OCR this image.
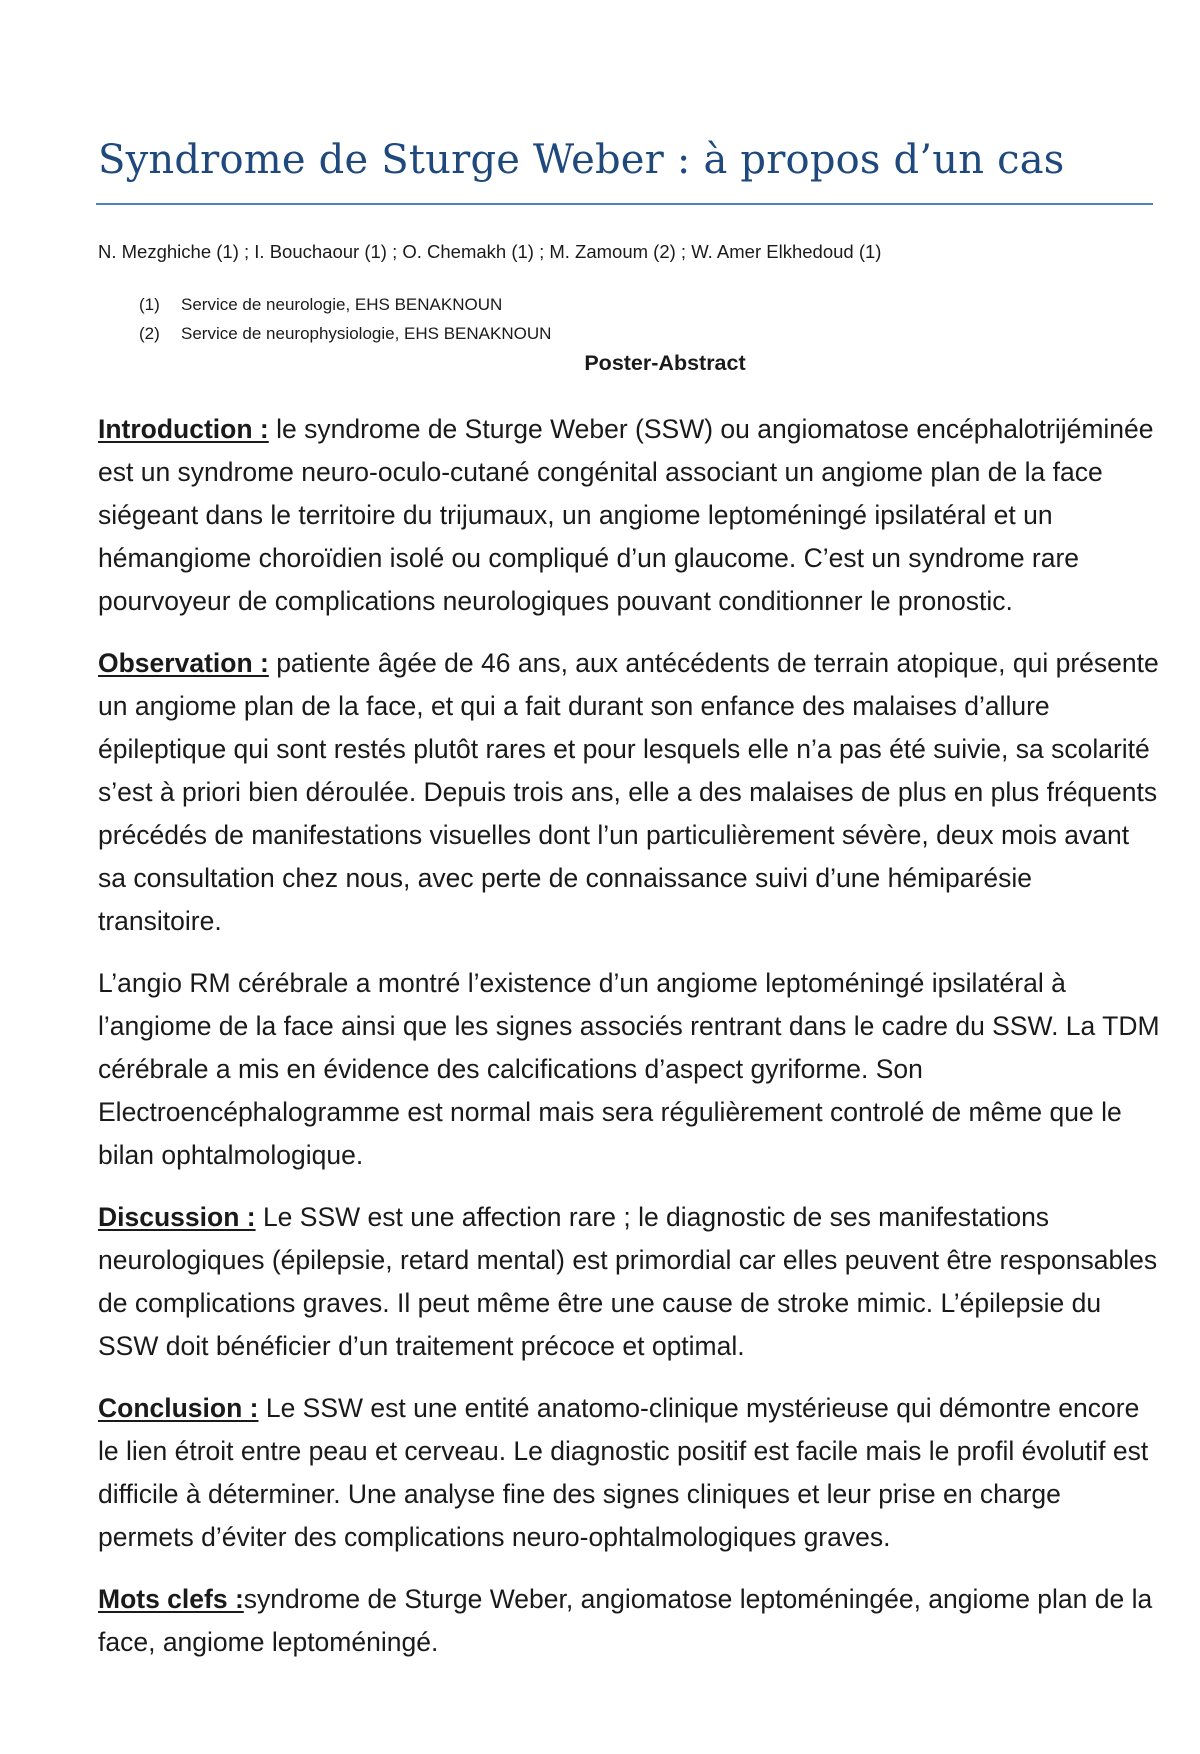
Syndrome de Sturge Weber : à propos d’un cas
N. Mezghiche (1) ; I. Bouchaour (1) ; O. Chemakh (1) ; M. Zamoum (2) ; W. Amer Elkhedoud (1)
(1) Service de neurologie, EHS BENAKNOUN
(2) Service de neurophysiologie, EHS BENAKNOUN
Poster-Abstract

Introduction : le syndrome de Sturge Weber (SSW) ou angiomatose encéphalotrijéminée est un syndrome neuro-oculo-cutané congénital associant un angiome plan de la face siégeant dans le territoire du trijumaux, un angiome leptoméningé ipsilatéral et un hémangiome choroïdien isolé ou compliqué d’un glaucome. C’est un syndrome rare pourvoyeur de complications neurologiques pouvant conditionner le pronostic.

Observation : patiente âgée de 46 ans, aux antécédents de terrain atopique, qui présente un angiome plan de la face, et qui a fait durant son enfance des malaises d’allure épileptique qui sont restés plutôt rares et pour lesquels elle n’a pas été suivie, sa scolarité s’est à priori bien déroulée. Depuis trois ans, elle a des malaises de plus en plus fréquents précédés de manifestations visuelles dont l’un particulièrement sévère, deux mois avant sa consultation chez nous, avec perte de connaissance suivi d’une hémiparésie transitoire.

L’angio RM cérébrale a montré l’existence d’un angiome leptoméningé ipsilatéral à l’angiome de la face ainsi que les signes associés rentrant dans le cadre du SSW. La TDM cérébrale a mis en évidence des calcifications d’aspect gyriforme. Son Electroencéphalogramme est normal mais sera régulièrement controlé de même que le bilan ophtalmologique.

Discussion : Le SSW est une affection rare ; le diagnostic de ses manifestations neurologiques (épilepsie, retard mental) est primordial car elles peuvent être responsables de complications graves. Il peut même être une cause de stroke mimic. L’épilepsie du SSW doit bénéficier d’un traitement précoce et optimal.

Conclusion : Le SSW est une entité anatomo-clinique mystérieuse qui démontre encore le lien étroit entre peau et cerveau. Le diagnostic positif est facile mais le profil évolutif est difficile à déterminer. Une analyse fine des signes cliniques et leur prise en charge permets d’éviter des complications neuro-ophtalmologiques graves.

Mots clefs :syndrome de Sturge Weber, angiomatose leptoméningée, angiome plan de la face, angiome leptoméningé.
